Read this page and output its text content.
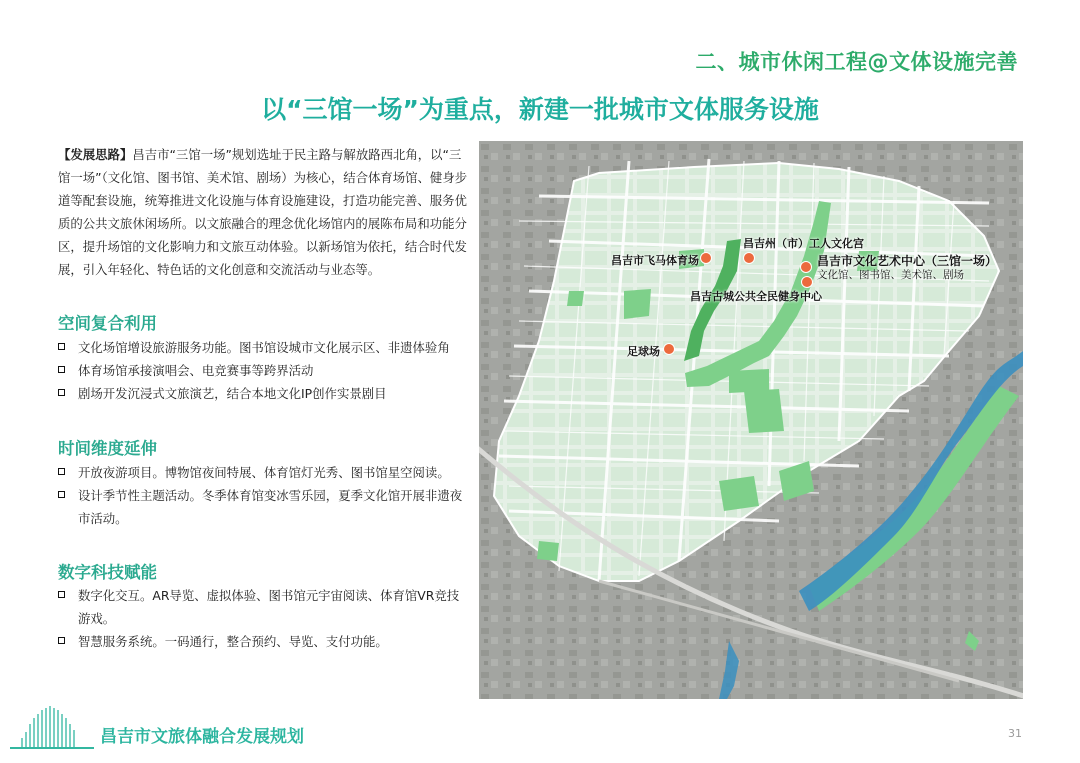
二、城市休闲工程@文体设施完善
以“三馆一场”为重点，新建一批城市文体服务设施

【发展思路】昌吉市“三馆一场”规划选址于民主路与解放路西北角，以“三馆一场”（文化馆、图书馆、美术馆、剧场）为核心，结合体育场馆、健身步道等配套设施，统筹推进文化设施与体育设施建设，打造功能完善、服务优质的公共文旅休闲场所。以文旅融合的理念优化场馆内的展陈布局和功能分区，提升场馆的文化影响力和文旅互动体验。以新场馆为依托，结合时代发展，引入年轻化、特色话的文化创意和交流活动与业态等。

空间复合利用
文化场馆增设旅游服务功能。图书馆设城市文化展示区、非遗体验角
体育场馆承接演唱会、电竞赛事等跨界活动
剧场开发沉浸式文旅演艺，结合本地文化IP创作实景剧目
时间维度延伸
开放夜游项目。博物馆夜间特展、体育馆灯光秀、图书馆星空阅读。
设计季节性主题活动。冬季体育馆变冰雪乐园，夏季文化馆开展非遗夜市活动。
数字科技赋能
数字化交互。AR导览、虚拟体验、图书馆元宇宙阅读、体育馆VR竞技游戏。
智慧服务系统。一码通行，整合预约、导览、支付功能。
昌吉市飞马体育场
昌吉州（市）工人文化宫
昌吉市文化艺术中心（三馆一场）
文化馆、图书馆、美术馆、剧场
昌吉古城公共全民健身中心
足球场
昌吉市文旅体融合发展规划	31
